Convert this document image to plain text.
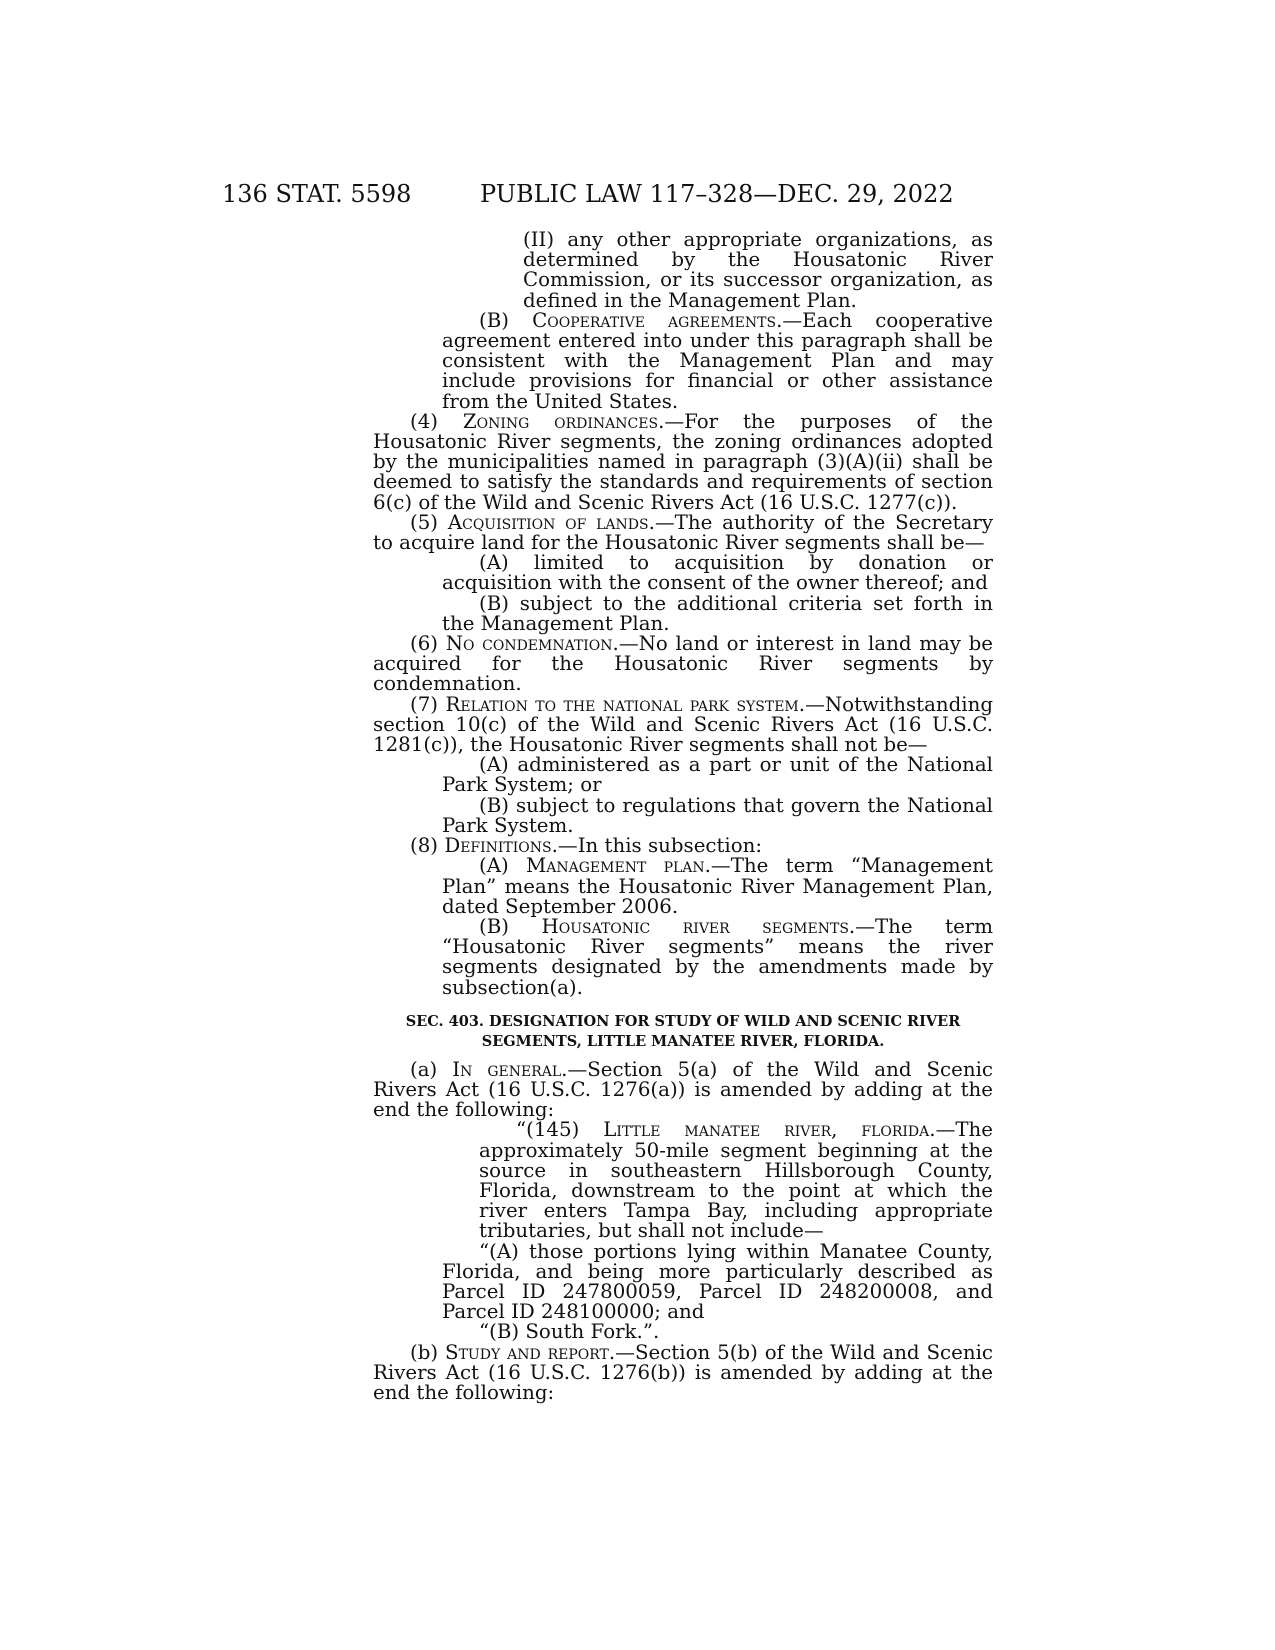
136 STAT. 5598	PUBLIC LAW 117–328—DEC. 29, 2022

(II) any other appropriate organizations, as determined by the Housatonic River Commission, or its successor organization, as defined in the Management Plan.

(B) Cooperative agreements.—Each cooperative agreement entered into under this paragraph shall be consistent with the Management Plan and may include provisions for financial or other assistance from the United States.

(4) Zoning ordinances.—For the purposes of the Housatonic River segments, the zoning ordinances adopted by the municipalities named in paragraph (3)(A)(ii) shall be deemed to satisfy the standards and requirements of section 6(c) of the Wild and Scenic Rivers Act (16 U.S.C. 1277(c)).

(5) Acquisition of lands.—The authority of the Secretary to acquire land for the Housatonic River segments shall be—

(A) limited to acquisition by donation or acquisition with the consent of the owner thereof; and

(B) subject to the additional criteria set forth in the Management Plan.

(6) No condemnation.—No land or interest in land may be acquired for the Housatonic River segments by condemnation.

(7) Relation to the national park system.—Notwithstanding section 10(c) of the Wild and Scenic Rivers Act (16 U.S.C. 1281(c)), the Housatonic River segments shall not be—

(A) administered as a part or unit of the National Park System; or

(B) subject to regulations that govern the National Park System.

(8) Definitions.—In this subsection:

(A) Management plan.—The term “Management Plan” means the Housatonic River Management Plan, dated September 2006.

(B) Housatonic river segments.—The term “Housatonic River segments” means the river segments designated by the amendments made by subsection(a).

SEC. 403. DESIGNATION FOR STUDY OF WILD AND SCENIC RIVER SEGMENTS, LITTLE MANATEE RIVER, FLORIDA.

(a) In general.—Section 5(a) of the Wild and Scenic Rivers Act (16 U.S.C. 1276(a)) is amended by adding at the end the following:

“(145) Little manatee river, florida.—The approximately 50-mile segment beginning at the source in southeastern Hillsborough County, Florida, downstream to the point at which the river enters Tampa Bay, including appropriate tributaries, but shall not include—

“(A) those portions lying within Manatee County, Florida, and being more particularly described as Parcel ID 247800059, Parcel ID 248200008, and Parcel ID 248100000; and

“(B) South Fork.”.

(b) Study and report.—Section 5(b) of the Wild and Scenic Rivers Act (16 U.S.C. 1276(b)) is amended by adding at the end the following:
